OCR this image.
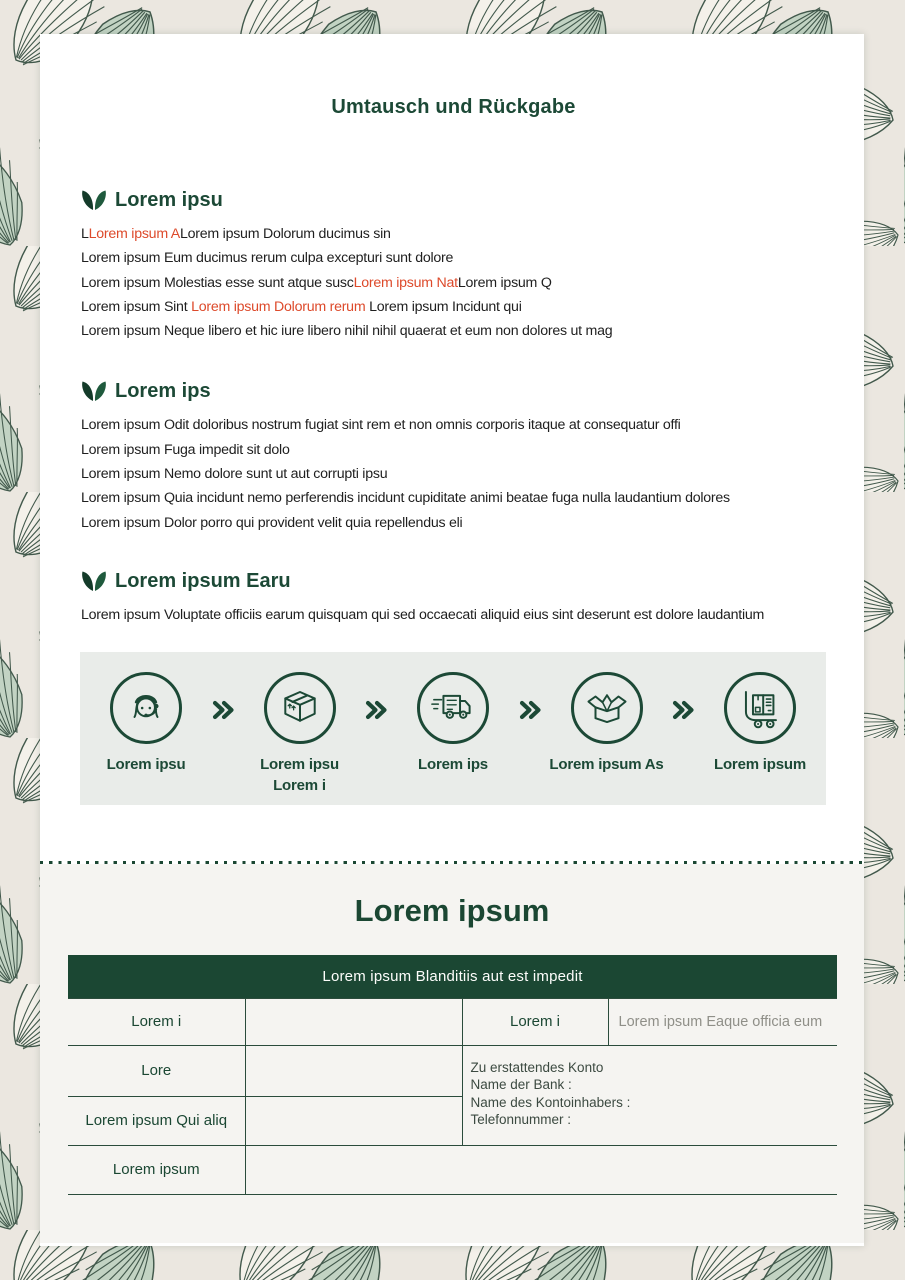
Umtausch und Rückgabe
Lorem ipsu
LLorem ipsum ALorem ipsum Dolorum ducimus sin
Lorem ipsum Eum ducimus rerum culpa excepturi sunt dolore
Lorem ipsum Molestias esse sunt atque suscLorem ipsum NatLorem ipsum Q
Lorem ipsum Sint Lorem ipsum Dolorum rerum Lorem ipsum Incidunt qui
Lorem ipsum Neque libero et hic iure libero nihil nihil quaerat et eum non dolores ut mag
Lorem ips
Lorem ipsum Odit doloribus nostrum fugiat sint rem et non omnis corporis itaque at consequatur offi
Lorem ipsum Fuga impedit sit dolo
Lorem ipsum Nemo dolore sunt ut aut corrupti ipsu
Lorem ipsum Quia incidunt nemo perferendis incidunt cupiditate animi beatae fuga nulla laudantium dolores
Lorem ipsum Dolor porro qui provident velit quia repellendus eli
Lorem ipsum Earu
Lorem ipsum Voluptate officiis earum quisquam qui sed occaecati aliquid eius sint deserunt est dolore laudantium
Lorem ipsu	Lorem ipsu
Lorem i
Lorem ips	Lorem ipsum As	Lorem ipsum
Lorem ipsum
Lorem ipsum Blanditiis aut est impedit			
Lorem i		Lorem i	Lorem ipsum Eaque officia eum
Lore		Zu erstattendes Konto
Name der Bank :
Name des Kontoinhabers :
Telefonnummer :	

Lorem ipsum Qui aliq			
Lorem ipsum			
